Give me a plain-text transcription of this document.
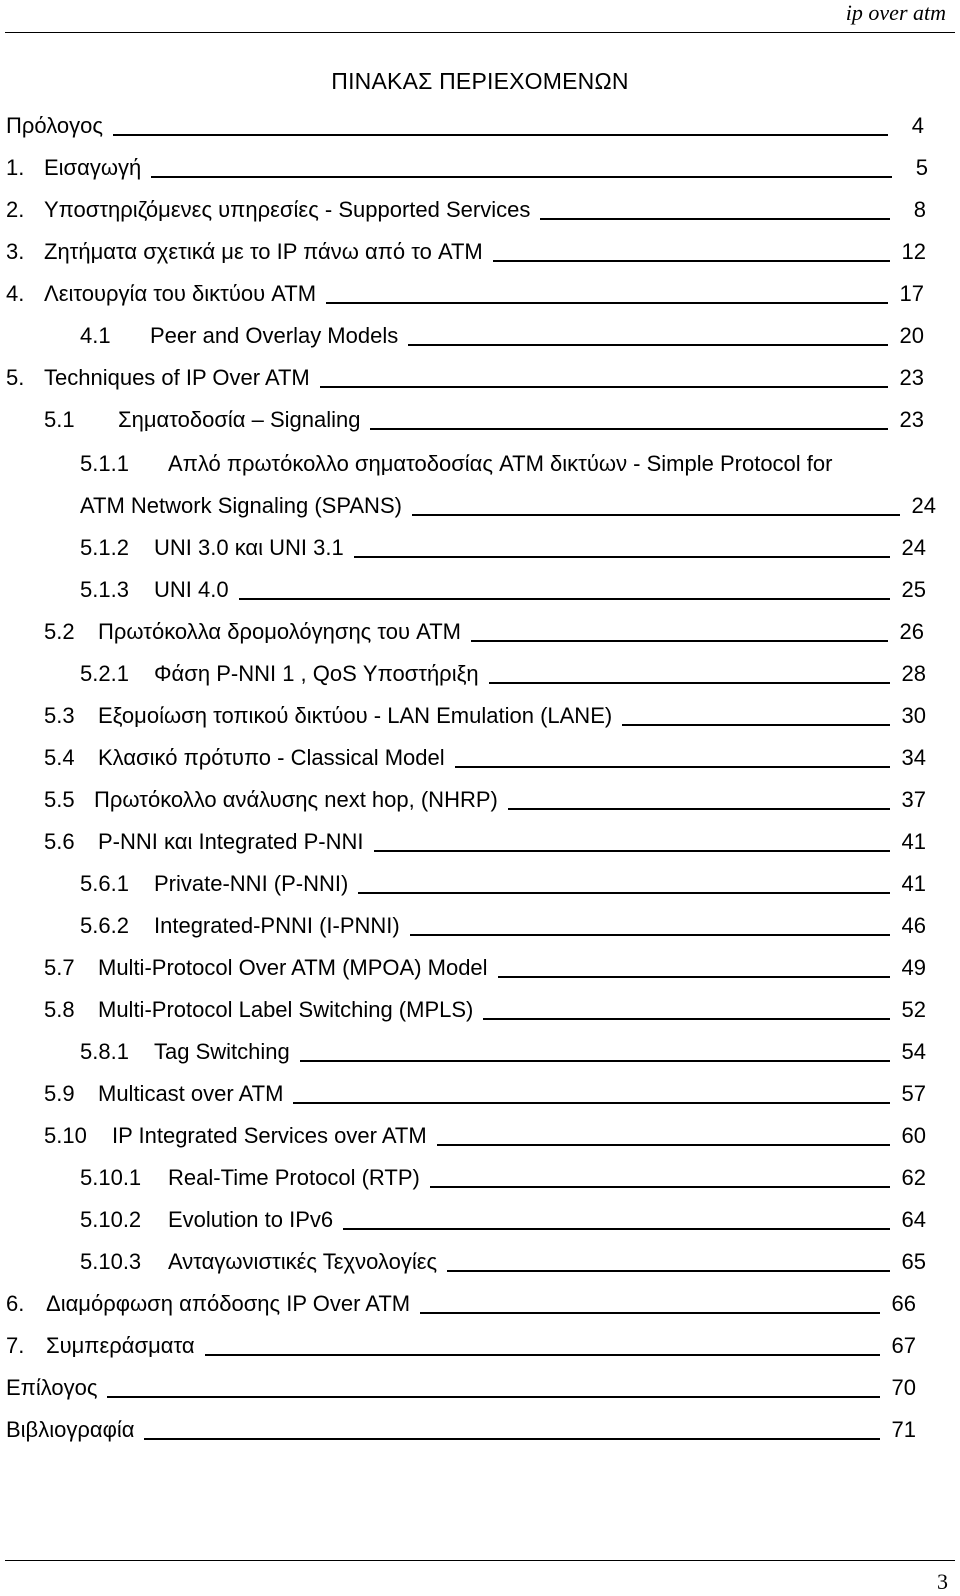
ip over atm
ΠΙΝΑΚΑΣ ΠΕΡΙΕΧΟΜΕΝΩΝ
Πρόλογος	4
1. Εισαγωγή	5
2. Υποστηριζόμενες υπηρεσίες - Supported Services	8
3. Ζητήματα σχετικά με το IP πάνω από το ATM	12
4. Λειτουργία του δικτύου ATM	17
4.1	Peer and Overlay Models	20
5. Techniques of IP Over ATM	23
5.1	Σηματοδοσία – Signaling	23
5.1.1 Απλό πρωτόκολλο σηματοδοσίας ATM δικτύων - Simple Protocol for
ATM Network Signaling (SPANS)	24
5.1.2	UNI 3.0 και UNI 3.1	24
5.1.3	UNI 4.0	25
5.2	Πρωτόκολλα δρομολόγησης του ATM	26
5.2.1	Φάση P-NNI 1 , QoS Υποστήριξη	28
5.3	Εξομοίωση τοπικού δικτύου - LAN Emulation (LANE)	30
5.4	Κλασικό πρότυπο - Classical Model	34
5.5 Πρωτόκολλο ανάλυσης next hop, (NHRP)	37
5.6	P-NNI και Integrated P-NNI	41
5.6.1	Private-NNI (P-NNI)	41
5.6.2	Integrated-PNNI (I-PNNI)	46
5.7	Multi-Protocol Over ATM (MPOA) Model	49
5.8	Multi-Protocol Label Switching (MPLS)	52
5.8.1	Tag Switching	54
5.9	Multicast over ATM	57
5.10	IP Integrated Services over ATM	60
5.10.1	Real-Time Protocol (RTP)	62
5.10.2	Evolution to IPv6	64
5.10.3	Ανταγωνιστικές Τεχνολογίες	65
6. Διαμόρφωση απόδοσης IP Over ATM	66
7. Συμπεράσματα	67
Επίλογος	70
Βιβλιογραφία	71
3
